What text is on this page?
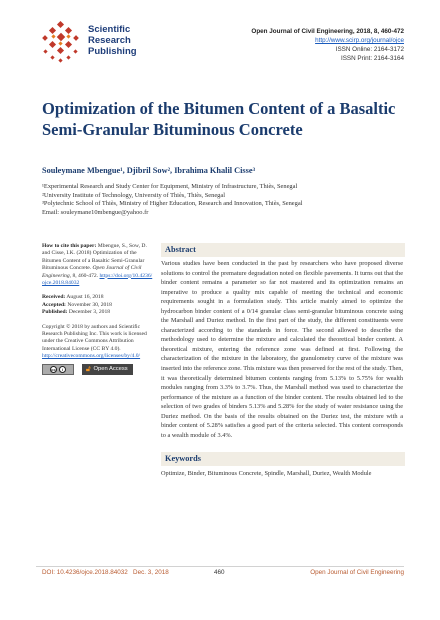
Scientific
Research
Publishing
Open Journal of Civil Engineering, 2018, 8, 460-472
http://www.scirp.org/journal/ojce
ISSN Online: 2164-3172
ISSN Print: 2164-3164
Optimization of the Bitumen Content of a Basaltic Semi-Granular Bituminous Concrete
Souleymane Mbengue¹, Djibril Sow², Ibrahima Khalil Cisse³
¹Experimental Research and Study Center for Equipment, Ministry of Infrastructure, Thiès, Senegal
²University Institute of Technology, University of Thiès, Thiès, Senegal
³Polytechnic School of Thiès, Ministry of Higher Education, Research and Innovation, Thiès, Senegal
Email: souleymane10mbengue@yahoo.fr
How to cite this paper: Mbengue, S., Sow, D. and Cisse, I.K. (2018) Optimization of the Bitumen Content of a Basaltic Semi-Granular Bituminous Concrete. Open Journal of Civil Engineering, 8, 460-472. https://doi.org/10.4236/ojce.2018.84032
Received: August 16, 2018
Accepted: November 30, 2018
Published: December 3, 2018
Copyright © 2018 by authors and Scientific Research Publishing Inc. This work is licensed under the Creative Commons Attribution International License (CC BY 4.0).
http://creativecommons.org/licenses/by/4.0/
cc	i	🔓︎ Open Access
Abstract

Various studies have been conducted in the past by researchers who have proposed diverse solutions to control the premature degradation noted on flexible pavements. It turns out that the binder content remains a parameter so far not mastered and its optimization remains an imperative to produce a quality mix capable of meeting the technical and economic requirements sought in a formulation study. This article mainly aimed to optimize the hydrocarbon binder content of a 0/14 granular class semi-granular bituminous concrete using the Marshall and Duriez method. In the first part of the study, the different constituents were characterized according to the standards in force. The second allowed to describe the methodology used to determine the mixture and calculated the theoretical binder content. A theoretical mixture, entering the reference zone was defined at first. Following the characterization of the mixture in the laboratory, the granulometry curve of the mixture was inserted into the reference zone. This mixture was then preserved for the rest of the study. Then, it was theoretically determined bitumen contents ranging from 5.13% to 5.75% for wealth modules ranging from 3.3% to 3.7%. Thus, the Marshall method was used to characterize the performance of the mixture as a function of the binder content. The results obtained led to the selection of two grades of binders 5.13% and 5.28% for the study of water resistance using the Duriez method. On the basis of the results obtained on the Duriez test, the mixture with a binder content of 5.28% satisfies a good part of the criteria selected. This content corresponds to a wealth module of 3.4%.

Keywords

Optimize, Binder, Bituminous Concrete, Spindle, Marshall, Duriez, Wealth Module

DOI: 10.4236/ojce.2018.84032 Dec. 3, 2018	460	Open Journal of Civil Engineering
